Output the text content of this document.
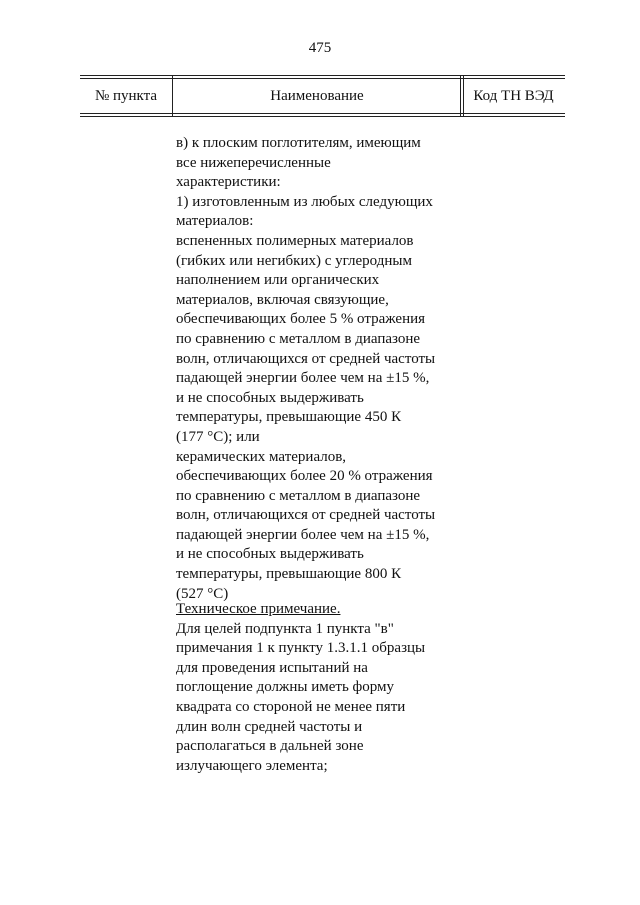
475
№ пункта	Наименование	Код ТН ВЭД
в) к плоским поглотителям, имеющим
все нижеперечисленные
характеристики:
1) изготовленным из любых следующих
материалов:
вспененных полимерных материалов
(гибких или негибких) с углеродным
наполнением или органических
материалов, включая связующие,
обеспечивающих более 5 % отражения
по сравнению с металлом в диапазоне
волн, отличающихся от средней частоты
падающей энергии более чем на ±15 %,
и не способных выдерживать
температуры, превышающие 450 К
(177 °С); или
керамических материалов,
обеспечивающих более 20 % отражения
по сравнению с металлом в диапазоне
волн, отличающихся от средней частоты
падающей энергии более чем на ±15 %,
и не способных выдерживать
температуры, превышающие 800 К
(527 °С)
Техническое примечание.
Для целей подпункта 1 пункта "в"
примечания 1 к пункту 1.3.1.1 образцы
для проведения испытаний на
поглощение должны иметь форму
квадрата со стороной не менее пяти
длин волн средней частоты и
располагаться в дальней зоне
излучающего элемента;
